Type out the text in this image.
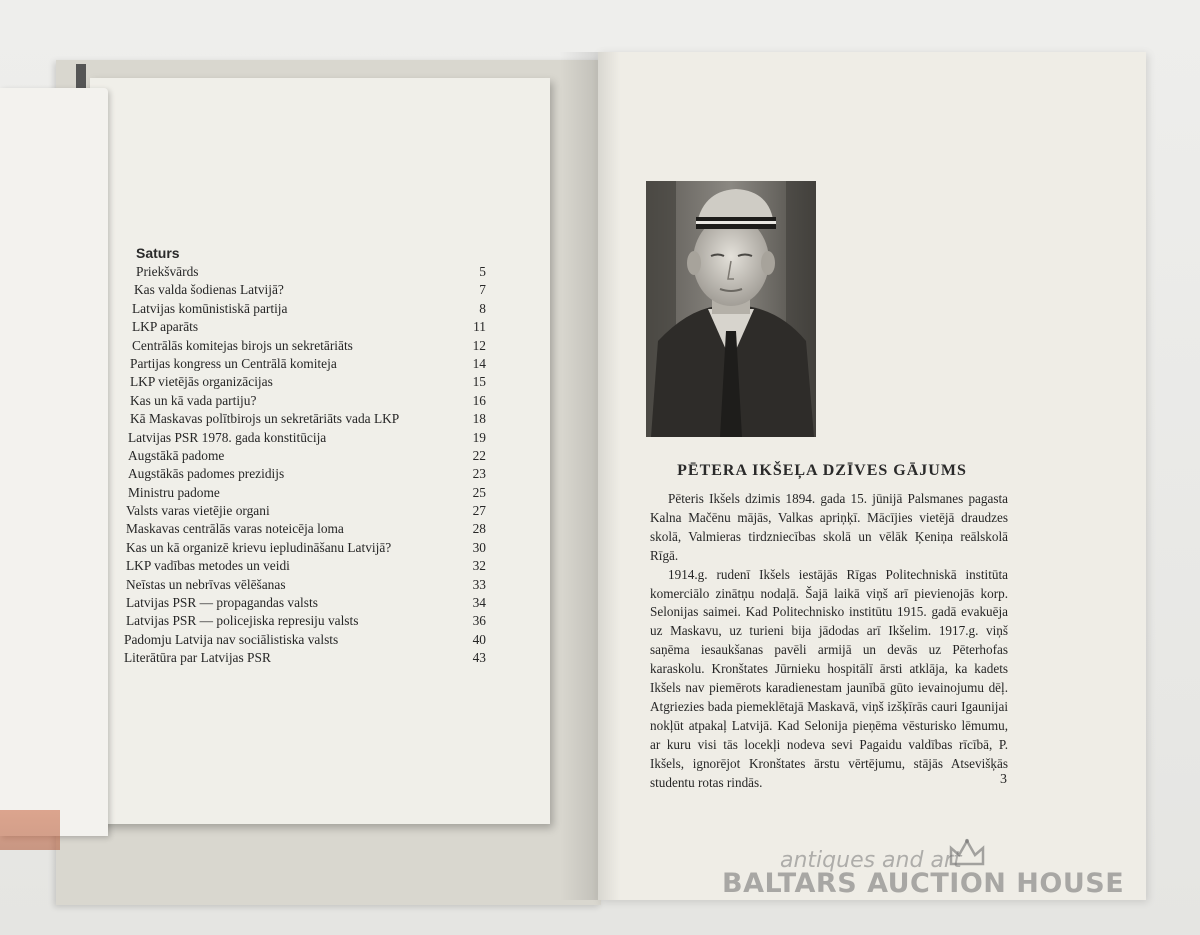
Saturs
Priekšvārds	5
Kas valda šodienas Latvijā?	7
Latvijas komūnistiskā partija	8
LKP aparāts	11
Centrālās komitejas birojs un sekretāriāts	12
Partijas kongress un Centrālā komiteja	14
LKP vietējās organizācijas	15
Kas un kā vada partiju?	16
Kā Maskavas polītbirojs un sekretāriāts vada LKP	18
Latvijas PSR 1978. gada konstitūcija	19
Augstākā padome	22
Augstākās padomes prezidijs	23
Ministru padome	25
Valsts varas vietējie organi	27
Maskavas centrālās varas noteicēja loma	28
Kas un kā organizē krievu iepludināšanu Latvijā?	30
LKP vadības metodes un veidi	32
Neīstas un nebrīvas vēlēšanas	33
Latvijas PSR — propagandas valsts	34
Latvijas PSR — policejiska represiju valsts	36
Padomju Latvija nav sociālistiska valsts	40
Literātūra par Latvijas PSR	43
PĒTERA IKŠEĻA DZĪVES GĀJUMS

Pēteris Ikšels dzimis 1894. gada 15. jūnijā Palsmanes pagasta Kalna Mačēnu mājās, Valkas apriņķī. Mācījies vietējā draudzes skolā, Valmieras tirdzniecības skolā un vēlāk Ķeniņa reālskolā Rīgā.

1914.g. rudenī Ikšels iestājās Rīgas Politechniskā institūta komerciālo zinātņu nodaļā. Šajā laikā viņš arī pievienojās korp. Selonijas saimei. Kad Politechnisko institūtu 1915. gadā evakuēja uz Maskavu, uz turieni bija jādodas arī Ikšelim. 1917.g. viņš saņēma iesaukšanas pavēli armijā un devās uz Pēterhofas karaskolu. Kronštates Jūrnieku hospitālī ārsti atklāja, ka kadets Ikšels nav piemērots karadienestam jaunībā gūto ievainojumu dēļ. Atgriezies bada piemeklētajā Maskavā, viņš izšķīrās cauri Igaunijai nokļūt atpakaļ Latvijā. Kad Selonija pieņēma vēsturisko lēmumu, ar kuru visi tās locekļi nodeva sevi Pagaidu valdības rīcībā, P. Ikšels, ignorējot Kronštates ārstu vērtējumu, stājās Atsevišķās studentu rotas rindās.	3
antiques and art
BALTARS AUCTION HOUSE
